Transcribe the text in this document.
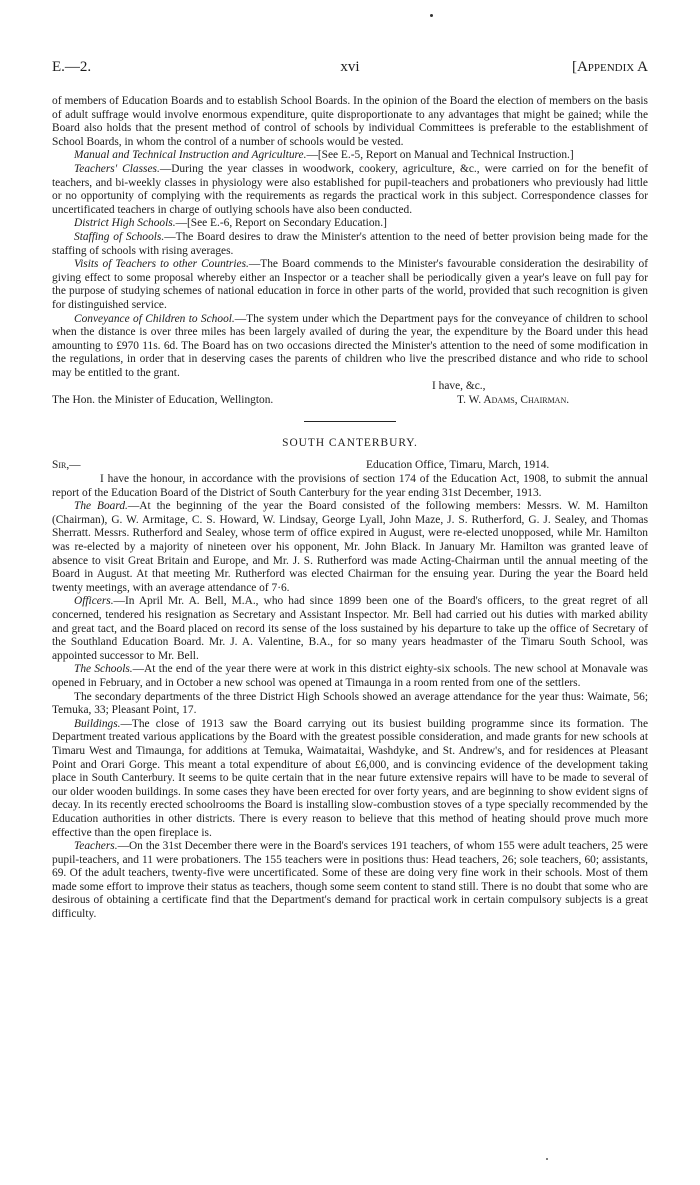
E.—2.	xvi	[Appendix A

of members of Education Boards and to establish School Boards. In the opinion of the Board the election of members on the basis of adult suffrage would involve enormous expenditure, quite disproportionate to any advantages that might be gained; while the Board also holds that the present method of control of schools by individual Committees is preferable to the establishment of School Boards, in whom the control of a number of schools would be vested.

Manual and Technical Instruction and Agriculture.—[See E.-5, Report on Manual and Technical Instruction.]

Teachers' Classes.—During the year classes in woodwork, cookery, agriculture, &c., were carried on for the benefit of teachers, and bi-weekly classes in physiology were also established for pupil-teachers and probationers who previously had little or no opportunity of complying with the requirements as regards the practical work in this subject. Correspondence classes for uncertificated teachers in charge of outlying schools have also been conducted.

District High Schools.—[See E.-6, Report on Secondary Education.]

Staffing of Schools.—The Board desires to draw the Minister's attention to the need of better provision being made for the staffing of schools with rising averages.

Visits of Teachers to other Countries.—The Board commends to the Minister's favourable consideration the desirability of giving effect to some proposal whereby either an Inspector or a teacher shall be periodically given a year's leave on full pay for the purpose of studying schemes of national education in force in other parts of the world, provided that such recognition is given for distinguished service.

Conveyance of Children to School.—The system under which the Department pays for the conveyance of children to school when the distance is over three miles has been largely availed of during the year, the expenditure by the Board under this head amounting to £970 11s. 6d. The Board has on two occasions directed the Minister's attention to the need of some modification in the regulations, in order that in deserving cases the parents of children who live the prescribed distance and who ride to school may be entitled to the grant.

I have, &c.,
The Hon. the Minister of Education, Wellington.	T. W. Adams, Chairman.
SOUTH CANTERBURY.
Sir,—	Education Office, Timaru, March, 1914.

I have the honour, in accordance with the provisions of section 174 of the Education Act, 1908, to submit the annual report of the Education Board of the District of South Canterbury for the year ending 31st December, 1913.

The Board.—At the beginning of the year the Board consisted of the following members: Messrs. W. M. Hamilton (Chairman), G. W. Armitage, C. S. Howard, W. Lindsay, George Lyall, John Maze, J. S. Rutherford, G. J. Sealey, and Thomas Sherratt. Messrs. Rutherford and Sealey, whose term of office expired in August, were re-elected unopposed, while Mr. Hamilton was re-elected by a majority of nineteen over his opponent, Mr. John Black. In January Mr. Hamilton was granted leave of absence to visit Great Britain and Europe, and Mr. J. S. Rutherford was made Acting-Chairman until the annual meeting of the Board in August. At that meeting Mr. Rutherford was elected Chairman for the ensuing year. During the year the Board held twenty meetings, with an average attendance of 7·6.

Officers.—In April Mr. A. Bell, M.A., who had since 1899 been one of the Board's officers, to the great regret of all concerned, tendered his resignation as Secretary and Assistant Inspector. Mr. Bell had carried out his duties with marked ability and great tact, and the Board placed on record its sense of the loss sustained by his departure to take up the office of Secretary of the Southland Education Board. Mr. J. A. Valentine, B.A., for so many years headmaster of the Timaru South School, was appointed successor to Mr. Bell.

The Schools.—At the end of the year there were at work in this district eighty-six schools. The new school at Monavale was opened in February, and in October a new school was opened at Timaunga in a room rented from one of the settlers.

The secondary departments of the three District High Schools showed an average attendance for the year thus: Waimate, 56; Temuka, 33; Pleasant Point, 17.

Buildings.—The close of 1913 saw the Board carrying out its busiest building programme since its formation. The Department treated various applications by the Board with the greatest possible consideration, and made grants for new schools at Timaru West and Timaunga, for additions at Temuka, Waimataitai, Washdyke, and St. Andrew's, and for residences at Pleasant Point and Orari Gorge. This meant a total expenditure of about £6,000, and is convincing evidence of the development taking place in South Canterbury. It seems to be quite certain that in the near future extensive repairs will have to be made to several of our older wooden buildings. In some cases they have been erected for over forty years, and are beginning to show evident signs of decay. In its recently erected schoolrooms the Board is installing slow-combustion stoves of a type specially recommended by the Education authorities in other districts. There is every reason to believe that this method of heating should prove much more effective than the open fireplace is.

Teachers.—On the 31st December there were in the Board's services 191 teachers, of whom 155 were adult teachers, 25 were pupil-teachers, and 11 were probationers. The 155 teachers were in positions thus: Head teachers, 26; sole teachers, 60; assistants, 69. Of the adult teachers, twenty-five were uncertificated. Some of these are doing very fine work in their schools. Most of them made some effort to improve their status as teachers, though some seem content to stand still. There is no doubt that some who are desirous of obtaining a certificate find that the Department's demand for practical work in certain compulsory subjects is a great difficulty.
